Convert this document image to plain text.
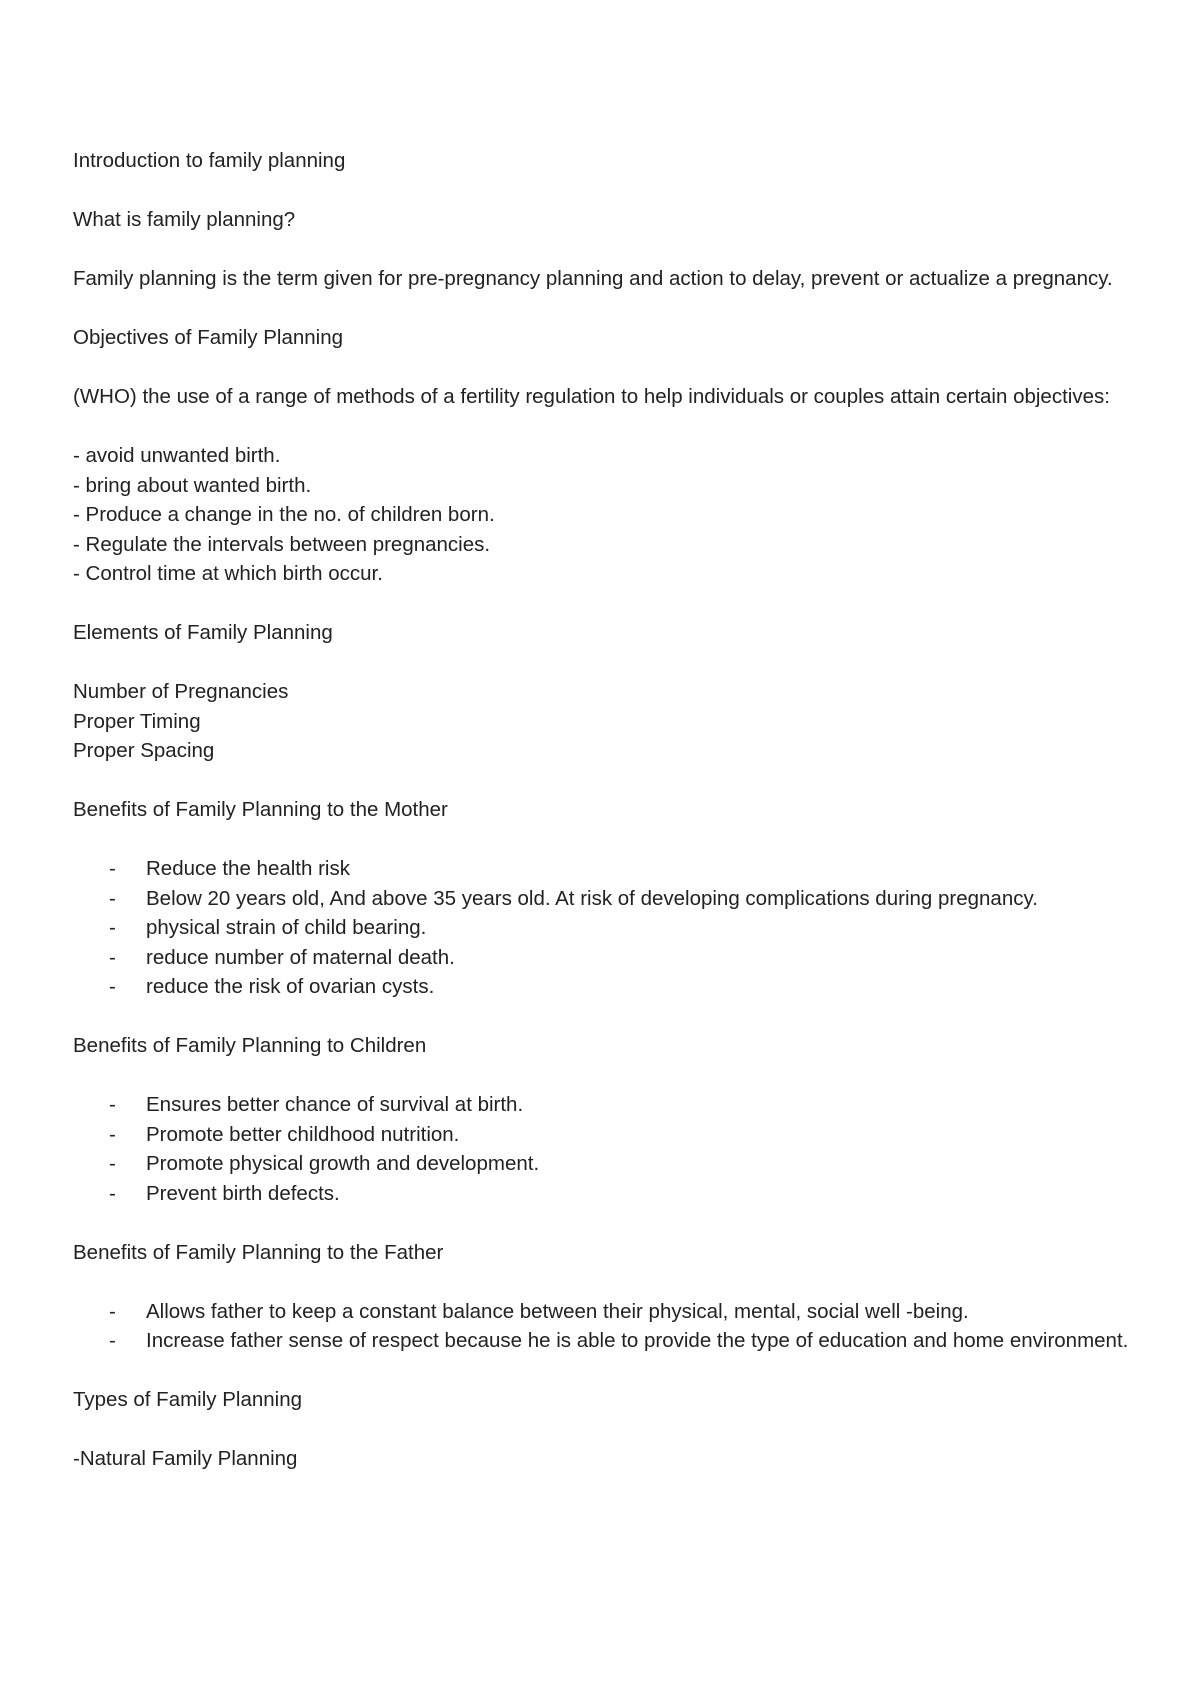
Introduction to family planning

What is family planning?

Family planning is the term given for pre-pregnancy planning and action to delay, prevent or actualize a pregnancy.

Objectives of Family Planning

(WHO) the use of a range of methods of a fertility regulation to help individuals or couples attain certain objectives:

- avoid unwanted birth.
- bring about wanted birth.
- Produce a change in the no. of children born.
- Regulate the intervals between pregnancies.
- Control time at which birth occur.

Elements of Family Planning

Number of Pregnancies
Proper Timing
Proper Spacing

Benefits of Family Planning to the Mother

- Reduce the health risk
- Below 20 years old, And above 35 years old. At risk of developing complications during pregnancy.
- physical strain of child bearing.
- reduce number of maternal death.
- reduce the risk of ovarian cysts.

Benefits of Family Planning to Children

- Ensures better chance of survival at birth.
- Promote better childhood nutrition.
- Promote physical growth and development.
- Prevent birth defects.

Benefits of Family Planning to the Father

- Allows father to keep a constant balance between their physical, mental, social well -being.
- Increase father sense of respect because he is able to provide the type of education and home environment.

Types of Family Planning

-Natural Family Planning
